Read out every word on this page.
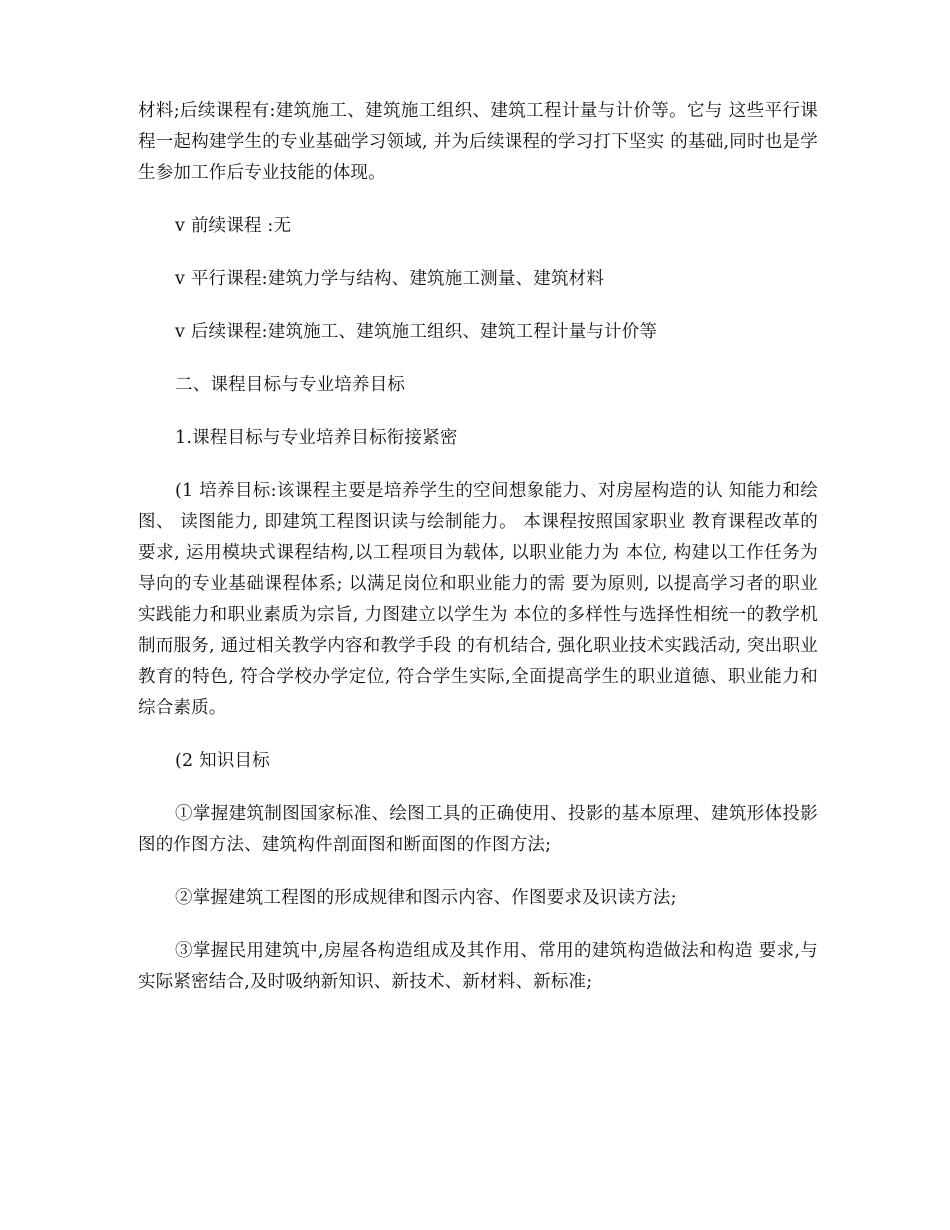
材料;后续课程有:建筑施工、建筑施工组织、建筑工程计量与计价等。它与 这些平行课程一起构建学生的专业基础学习领域, 并为后续课程的学习打下坚实 的基础,同时也是学生参加工作后专业技能的体现。

v 前续课程 :无

v 平行课程:建筑力学与结构、建筑施工测量、建筑材料

v 后续课程:建筑施工、建筑施工组织、建筑工程计量与计价等

二、课程目标与专业培养目标

1.课程目标与专业培养目标衔接紧密

(1 培养目标:该课程主要是培养学生的空间想象能力、对房屋构造的认 知能力和绘图、 读图能力, 即建筑工程图识读与绘制能力。 本课程按照国家职业 教育课程改革的要求, 运用模块式课程结构,以工程项目为载体, 以职业能力为 本位, 构建以工作任务为导向的专业基础课程体系; 以满足岗位和职业能力的需 要为原则, 以提高学习者的职业实践能力和职业素质为宗旨, 力图建立以学生为 本位的多样性与选择性相统一的教学机制而服务, 通过相关教学内容和教学手段 的有机结合, 强化职业技术实践活动, 突出职业教育的特色, 符合学校办学定位, 符合学生实际,全面提高学生的职业道德、职业能力和综合素质。

(2 知识目标

①掌握建筑制图国家标准、绘图工具的正确使用、投影的基本原理、建筑形体投影图的作图方法、建筑构件剖面图和断面图的作图方法;

②掌握建筑工程图的形成规律和图示内容、作图要求及识读方法;

③掌握民用建筑中,房屋各构造组成及其作用、常用的建筑构造做法和构造 要求,与实际紧密结合,及时吸纳新知识、新技术、新材料、新标准;
